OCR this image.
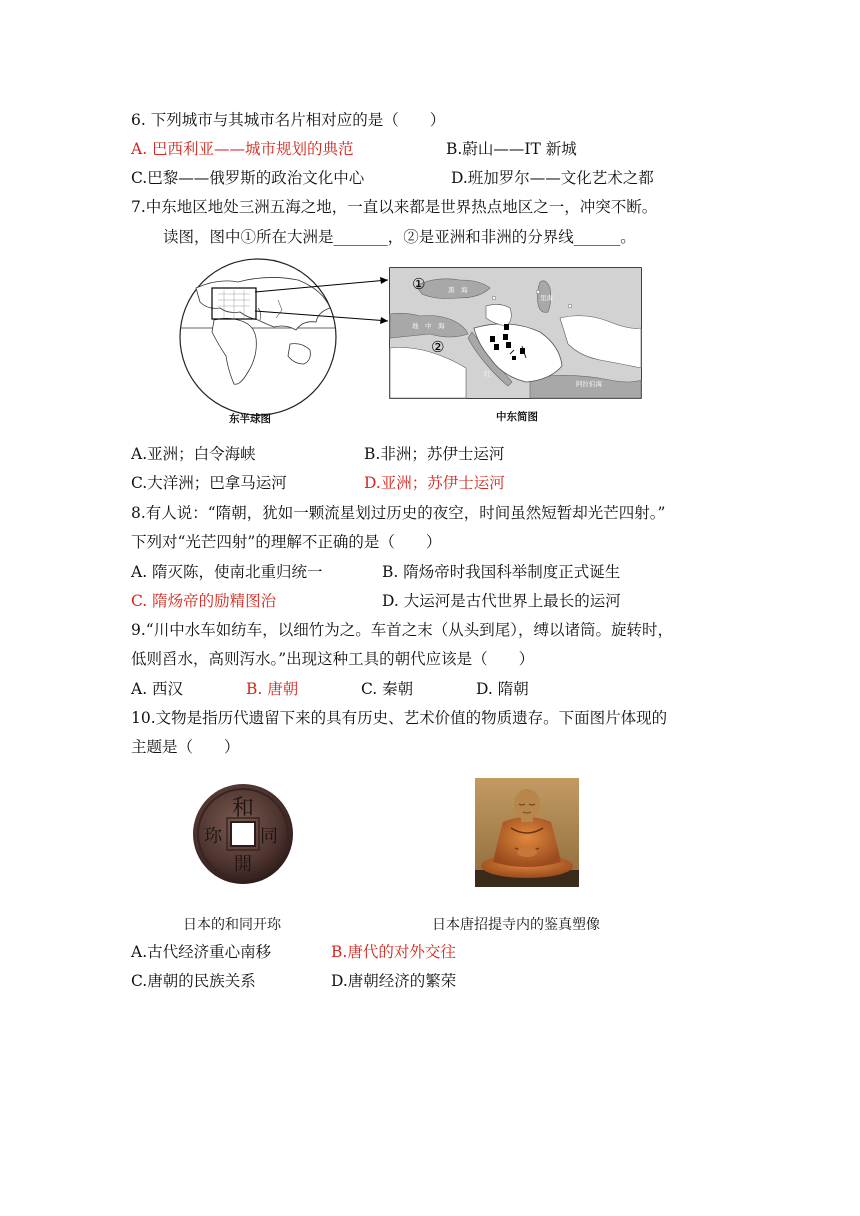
6. 下列城市与其城市名片相对应的是（　　）
A. 巴西利亚——城市规划的典范	B.蔚山——IT 新城
C.巴黎——俄罗斯的政治文化中心	D.班加罗尔——文化艺术之都
7.中东地区地处三洲五海之地，一直以来都是世界热点地区之一，冲突不断。
读图，图中①所在大洲是_______，②是亚洲和非洲的分界线______。
东半球图
黑　海
里海
地　中　海
红
阿拉伯海
①
②
中东简图
A.亚洲；白令海峡	B.非洲；苏伊士运河
C.大洋洲；巴拿马运河	D.亚洲；苏伊士运河
8.有人说：“隋朝，犹如一颗流星划过历史的夜空，时间虽然短暂却光芒四射。”
下列对“光芒四射”的理解不正确的是（　　）
A. 隋灭陈，使南北重归统一	B. 隋炀帝时我国科举制度正式诞生
C. 隋炀帝的励精图治	D. 大运河是古代世界上最长的运河
9.“川中水车如纺车，以细竹为之。车首之末（从头到尾），缚以诸筒。旋转时，
低则舀水，高则泻水。”出现这种工具的朝代应该是（　　）
A. 西汉	B. 唐朝	C. 秦朝	D. 隋朝
10.文物是指历代遗留下来的具有历史、艺术价值的物质遗存。下面图片体现的
主题是（　　）
和
同
開
珎
日本的和同开珎	日本唐招提寺内的鉴真塑像
A.古代经济重心南移	B.唐代的对外交往
C.唐朝的民族关系	D.唐朝经济的繁荣
